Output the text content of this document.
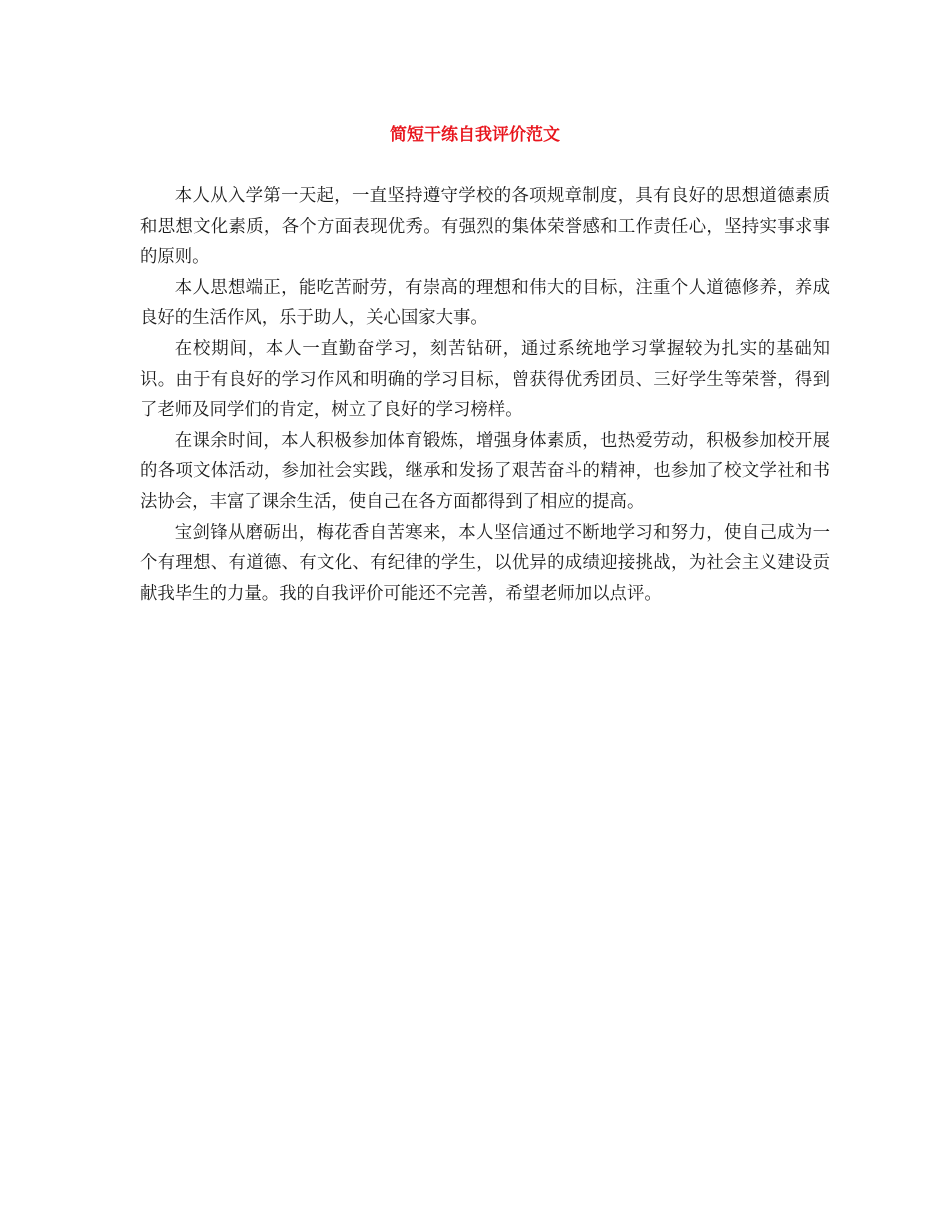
简短干练自我评价范文

本人从入学第一天起，一直坚持遵守学校的各项规章制度，具有良好的思想道德素质和思想文化素质，各个方面表现优秀。有强烈的集体荣誉感和工作责任心，坚持实事求事的原则。

本人思想端正，能吃苦耐劳，有崇高的理想和伟大的目标，注重个人道德修养，养成良好的生活作风，乐于助人，关心国家大事。

在校期间，本人一直勤奋学习，刻苦钻研，通过系统地学习掌握较为扎实的基础知识。由于有良好的学习作风和明确的学习目标，曾获得优秀团员、三好学生等荣誉，得到了老师及同学们的肯定，树立了良好的学习榜样。

在课余时间，本人积极参加体育锻炼，增强身体素质，也热爱劳动，积极参加校开展的各项文体活动，参加社会实践，继承和发扬了艰苦奋斗的精神，也参加了校文学社和书法协会，丰富了课余生活，使自己在各方面都得到了相应的提高。

宝剑锋从磨砺出，梅花香自苦寒来，本人坚信通过不断地学习和努力，使自己成为一个有理想、有道德、有文化、有纪律的学生，以优异的成绩迎接挑战，为社会主义建设贡献我毕生的力量。我的自我评价可能还不完善，希望老师加以点评。
